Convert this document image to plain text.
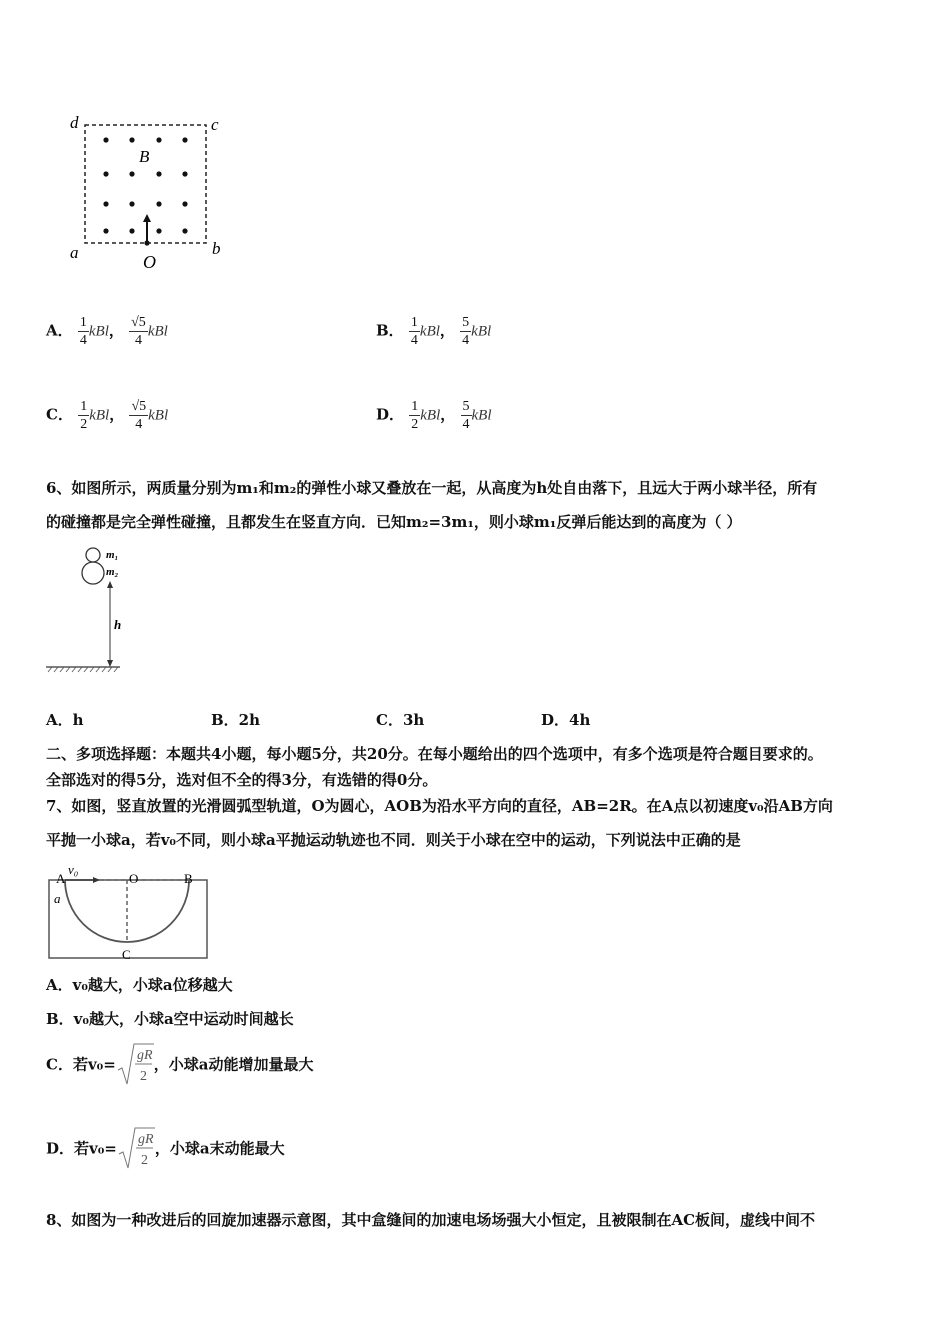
d	c
a	b
B
O
A． $\frac{1}{4}$ kBl， $\frac{√5}{4}$ kBl	B． $\frac{1}{4}$ kBl， $\frac{5}{4}$ kBl
C． $\frac{1}{2}$ kBl， $\frac{√5}{4}$ kBl	D． $\frac{1}{2}$ kBl， $\frac{5}{4}$ kBl
6、如图所示，两质量分别为m₁和m₂的弹性小球又叠放在一起，从高度为h处自由落下，且远大于两小球半径，所有
的碰撞都是完全弹性碰撞，且都发生在竖直方向．已知m₂=3m₁，则小球m₁反弹后能达到的高度为（ ）
m₁
m₂
h
A．h	B．2h	C．3h	D．4h
二、多项选择题：本题共4小题，每小题5分，共20分。在每小题给出的四个选项中，有多个选项是符合题目要求的。
全部选对的得5分，选对但不全的得3分，有选错的得0分。
7、如图，竖直放置的光滑圆弧型轨道，O为圆心，AOB为沿水平方向的直径，AB=2R。在A点以初速度v₀沿AB方向
平抛一小球a，若v₀不同，则小球a平抛运动轨迹也不同．则关于小球在空中的运动，下列说法中正确的是
v₀
A	O	B
a
C
A．v₀越大，小球a位移越大
B．v₀越大，小球a空中运动时间越长
C．若v₀= gR
2
，小球a动能增加量最大
D．若v₀= gR
2
，小球a末动能最大
8、如图为一种改进后的回旋加速器示意图，其中盒缝间的加速电场场强大小恒定，且被限制在AC板间，虚线中间不
